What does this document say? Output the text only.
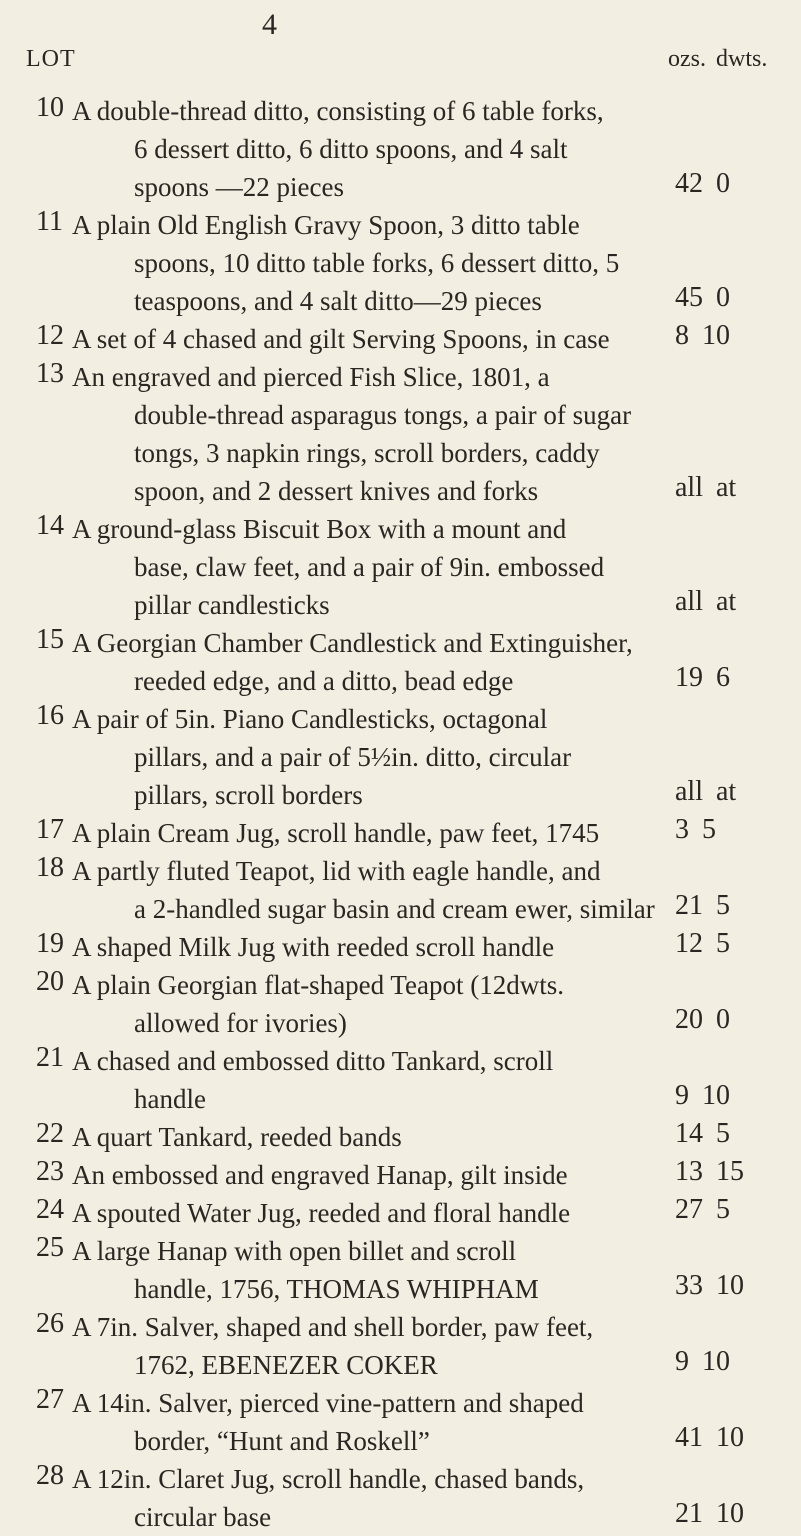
4
LOT	ozs. dwts.
10 A double-thread ditto, consisting of 6 table forks,
6 dessert ditto, 6 ditto spoons, and 4 salt
spoons —22 pieces	42 0
11 A plain Old English Gravy Spoon, 3 ditto table
spoons, 10 ditto table forks, 6 dessert ditto, 5
teaspoons, and 4 salt ditto—29 pieces	45 0
12 A set of 4 chased and gilt Serving Spoons, in case	8 10
13 An engraved and pierced Fish Slice, 1801, a
double-thread asparagus tongs, a pair of sugar
tongs, 3 napkin rings, scroll borders, caddy
spoon, and 2 dessert knives and forks	all at
14 A ground-glass Biscuit Box with a mount and
base, claw feet, and a pair of 9in. embossed
pillar candlesticks	all at
15 A Georgian Chamber Candlestick and Extinguisher,
reeded edge, and a ditto, bead edge	19 6
16 A pair of 5in. Piano Candlesticks, octagonal
pillars, and a pair of 5½in. ditto, circular
pillars, scroll borders	all at
17 A plain Cream Jug, scroll handle, paw feet, 1745	3 5
18 A partly fluted Teapot, lid with eagle handle, and
a 2-handled sugar basin and cream ewer, similar 21 5
19 A shaped Milk Jug with reeded scroll handle	12 5
20 A plain Georgian flat-shaped Teapot (12dwts.
allowed for ivories)	20 0
21 A chased and embossed ditto Tankard, scroll
handle	9 10
22 A quart Tankard, reeded bands	14 5
23 An embossed and engraved Hanap, gilt inside	13 15
24 A spouted Water Jug, reeded and floral handle	27 5
25 A large Hanap with open billet and scroll
handle, 1756, THOMAS WHIPHAM	33 10
26 A 7in. Salver, shaped and shell border, paw feet,
1762, EBENEZER COKER	9 10
27 A 14in. Salver, pierced vine-pattern and shaped
border, “Hunt and Roskell”	41 10
28 A 12in. Claret Jug, scroll handle, chased bands,
circular base	21 10
